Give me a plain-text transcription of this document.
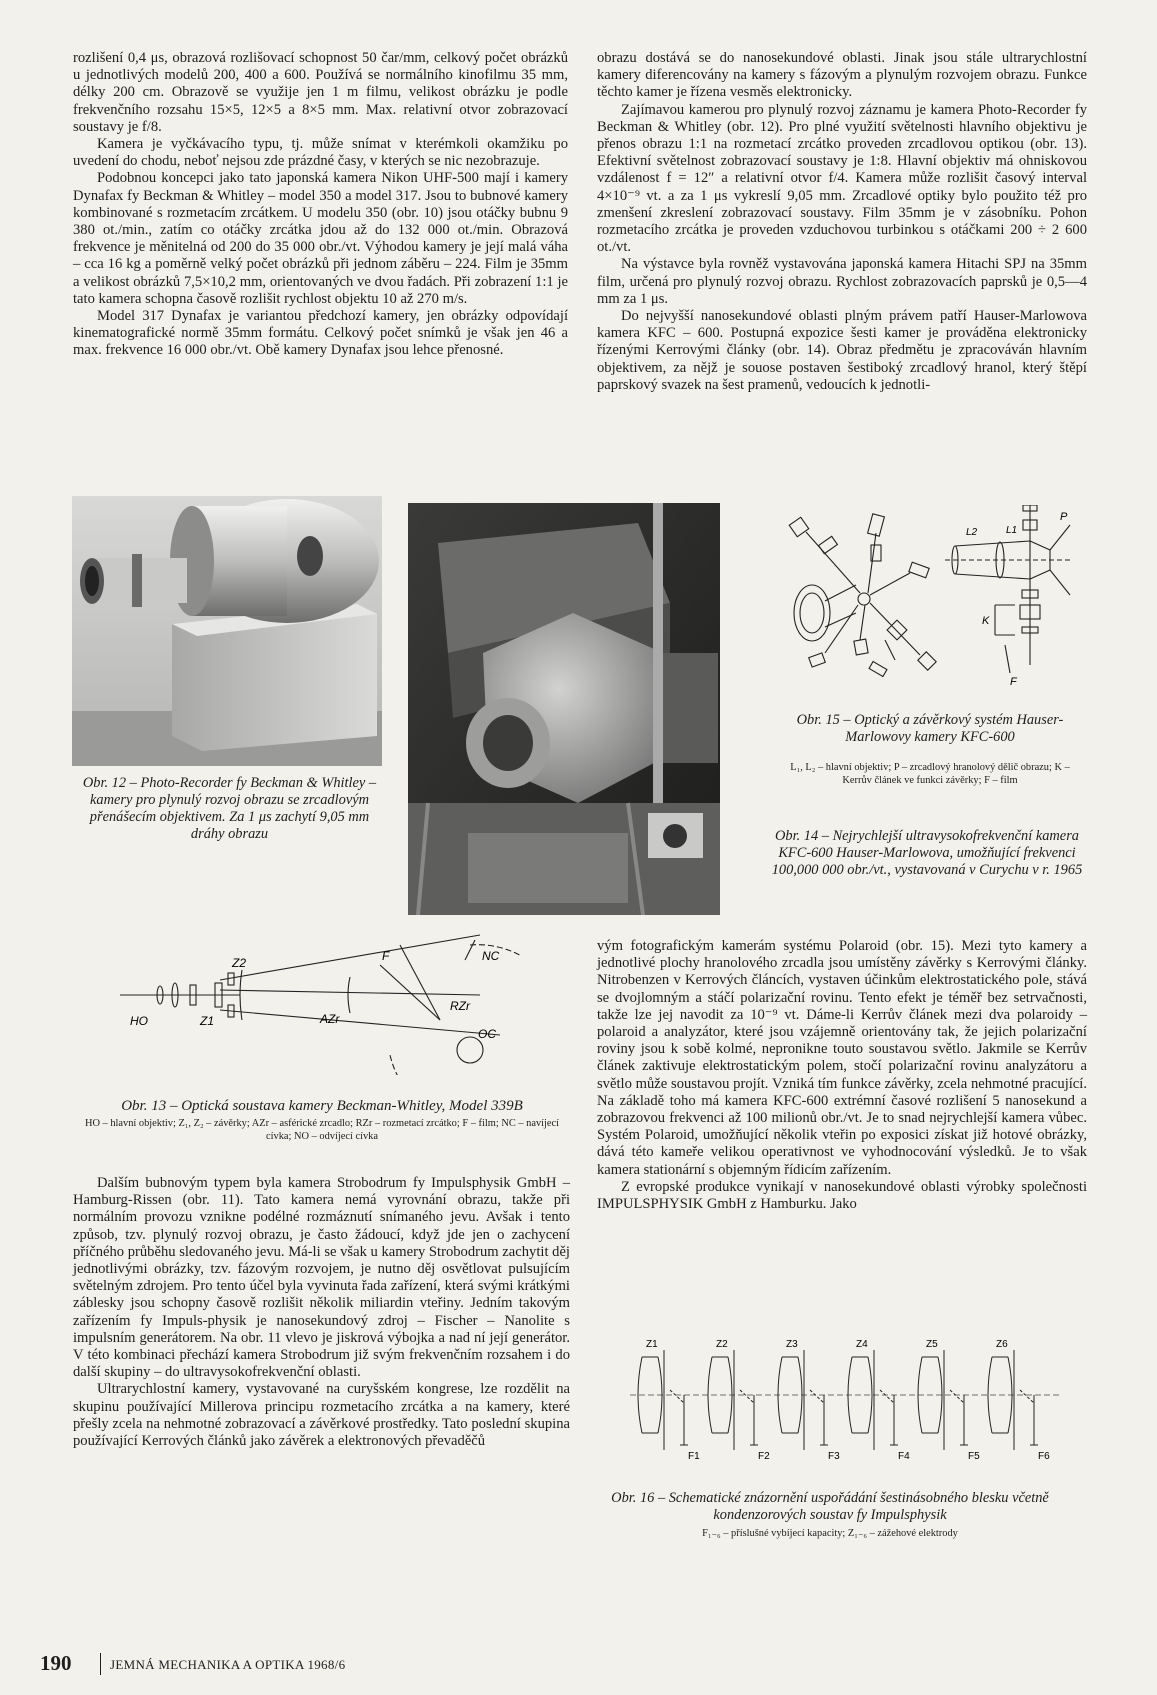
rozlišení 0,4 μs, obrazová rozlišovací schopnost 50 čar/mm, celkový počet obrázků u jednotlivých modelů 200, 400 a 600. Používá se normálního kinofilmu 35 mm, délky 200 cm. Obrazově se využije jen 1 m filmu, velikost obrázku je podle frekvenčního rozsahu 15×5, 12×5 a 8×5 mm. Max. relativní otvor zobrazovací soustavy je f/8.

Kamera je vyčkávacího typu, tj. může snímat v kterémkoli okamžiku po uvedení do chodu, neboť nejsou zde prázdné časy, v kterých se nic nezobrazuje.

Podobnou koncepci jako tato japonská kamera Nikon UHF-500 mají i kamery Dynafax fy Beckman & Whitley – model 350 a model 317. Jsou to bubnové kamery kombinované s rozmetacím zrcátkem. U modelu 350 (obr. 10) jsou otáčky bubnu 9 380 ot./min., zatím co otáčky zrcátka jdou až do 132 000 ot./min. Obrazová frekvence je měnitelná od 200 do 35 000 obr./vt. Výhodou kamery je její malá váha – cca 16 kg a poměrně velký počet obrázků při jednom záběru – 224. Film je 35mm a velikost obrázků 7,5×10,2 mm, orientovaných ve dvou řadách. Při zobrazení 1:1 je tato kamera schopna časově rozlišit rychlost objektu 10 až 270 m/s.

Model 317 Dynafax je variantou předchozí kamery, jen obrázky odpovídají kinematografické normě 35mm formátu. Celkový počet snímků je však jen 46 a max. frekvence 16 000 obr./vt. Obě kamery Dynafax jsou lehce přenosné.

obrazu dostává se do nanosekundové oblasti. Jinak jsou stále ultrarychlostní kamery diferencovány na kamery s fázovým a plynulým rozvojem obrazu. Funkce těchto kamer je řízena vesměs elektronicky.

Zajímavou kamerou pro plynulý rozvoj záznamu je kamera Photo-Recorder fy Beckman & Whitley (obr. 12). Pro plné využití světelnosti hlavního objektivu je přenos obrazu 1:1 na rozmetací zrcátko proveden zrcadlovou optikou (obr. 13). Efektivní světelnost zobrazovací soustavy je 1:8. Hlavní objektiv má ohniskovou vzdálenost f = 12″ a relativní otvor f/4. Kamera může rozlišit časový interval 4×10⁻⁹ vt. a za 1 μs vykreslí 9,05 mm. Zrcadlové optiky bylo použito též pro zmenšení zkreslení zobrazovací soustavy. Film 35mm je v zásobníku. Pohon rozmetacího zrcátka je proveden vzduchovou turbinkou s otáčkami 200 ÷ 2 600 ot./vt.

Na výstavce byla rovněž vystavována japonská kamera Hitachi SPJ na 35mm film, určená pro plynulý rozvoj obrazu. Rychlost zobrazovacích paprsků je 0,5—4 mm za 1 μs.

Do nejvyšší nanosekundové oblasti plným právem patří Hauser-Marlowova kamera KFC – 600. Postupná expozice šesti kamer je prováděna elektronicky řízenými Kerrovými články (obr. 14). Obraz předmětu je zpracováván hlavním objektivem, za nějž je souose postaven šestiboký zrcadlový hranol, který štěpí paprskový svazek na šest pramenů, vedoucích k jednotli-

Obr. 12 – Photo-Recorder fy Beckman & Whitley – kamery pro plynulý rozvoj obrazu se zrcadlovým přenášecím objektivem. Za 1 μs zachytí 9,05 mm dráhy obrazu
L2	L1
P
K
F
Obr. 15 – Optický a závěrkový systém Hauser-Marlowovy kamery KFC-600
L₁, L₂ – hlavní objektiv; P – zrcadlový hranolový dělič obrazu; K – Kerrův článek ve funkci závěrky; F – film
Obr. 14 – Nejrychlejší ultravysokofrekvenční kamera KFC-600 Hauser-Marlowova, umožňující frekvenci 100,000 000 obr./vt., vystavovaná v Curychu v r. 1965
HO	Z1
Z2
AZr
RZr
F	NC
OC
Obr. 13 – Optická soustava kamery Beckman-Whitley, Model 339B
HO – hlavní objektiv; Z₁, Z₂ – závěrky; AZr – asférické zrcadlo; RZr – rozmetací zrcátko; F – film; NC – navíjecí cívka; NO – odvíjecí cívka

Dalším bubnovým typem byla kamera Strobodrum fy Impulsphysik GmbH – Hamburg-Rissen (obr. 11). Tato kamera nemá vyrovnání obrazu, takže při normálním provozu vznikne podélné rozmáznutí snímaného jevu. Avšak i tento způsob, tzv. plynulý rozvoj obrazu, je často žádoucí, když jde jen o zachycení příčného průběhu sledovaného jevu. Má-li se však u kamery Strobodrum zachytit děj jednotlivými obrázky, tzv. fázovým rozvojem, je nutno děj osvětlovat pulsujícím světelným zdrojem. Pro tento účel byla vyvinuta řada zařízení, která svými krátkými záblesky jsou schopny časově rozlišit několik miliardin vteřiny. Jedním takovým zařízením fy Impuls-physik je nanosekundový zdroj – Fischer – Nanolite s impulsním generátorem. Na obr. 11 vlevo je jiskrová výbojka a nad ní její generátor. V této kombinaci přechází kamera Strobodrum již svým frekvenčním rozsahem i do další skupiny – do ultravysokofrekvenční oblasti.

Ultrarychlostní kamery, vystavované na curyšském kongrese, lze rozdělit na skupinu používající Millerova principu rozmetacího zrcátka a na kamery, které přešly zcela na nehmotné zobrazovací a závěrkové prostředky. Tato poslední skupina používající Kerrových článků jako závěrek a elektronových převaděčů

vým fotografickým kamerám systému Polaroid (obr. 15). Mezi tyto kamery a jednotlivé plochy hranolového zrcadla jsou umístěny závěrky s Kerrovými články. Nitrobenzen v Kerrových článcích, vystaven účinkům elektrostatického pole, stává se dvojlomným a stáčí polarizační rovinu. Tento efekt je téměř bez setrvačnosti, takže lze jej navodit za 10⁻⁹ vt. Dáme-li Kerrův článek mezi dva polaroidy – polaroid a analyzátor, které jsou vzájemně orientovány tak, že jejich polarizační roviny jsou k sobě kolmé, nepronikne touto soustavou světlo. Jakmile se Kerrův článek zaktivuje elektrostatickým polem, stočí polarizační rovinu analyzátoru a světlo může soustavou projít. Vzniká tím funkce závěrky, zcela nehmotné pracující. Na základě toho má kamera KFC-600 extrémní časové rozlišení 5 nanosekund a zobrazovou frekvenci až 100 milionů obr./vt. Je to snad nejrychlejší kamera vůbec. Systém Polaroid, umožňující několik vteřin po exposici získat již hotové obrázky, dává této kameře velikou operativnost ve vyhodnocování výsledků. Je to však kamera stationární s objemným řídicím zařízením.

Z evropské produkce vynikají v nanosekundové oblasti výrobky společnosti IMPULSPHYSIK GmbH z Hamburku. Jako

Z1
F1
Z2
F2
Z3
F3
Z4
F4
Z5
F5
Z6
F6
Obr. 16 – Schematické znázornění uspořádání šestinásobného blesku včetně kondenzorových soustav fy Impulsphysik
F₁₋₆ – příslušné vybíjecí kapacity; Z₁₋₆ – zážehové elektrody
190	JEMNÁ MECHANIKA A OPTIKA 1968/6
